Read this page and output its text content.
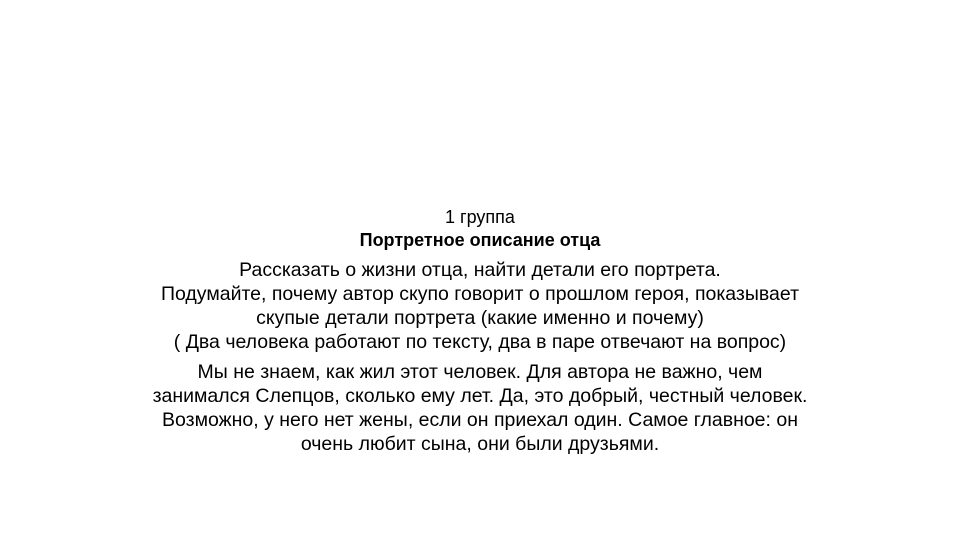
1 группа

Портретное описание отца

Рассказать о жизни отца, найти детали его портрета.
Подумайте, почему автор скупо говорит о прошлом героя, показывает
скупые детали портрета (какие именно и почему)
( Два человека работают по тексту, два в паре отвечают на вопрос)

Мы не знаем, как жил этот человек. Для автора не важно, чем
занимался Слепцов, сколько ему лет. Да, это добрый, честный человек.
Возможно, у него нет жены, если он приехал один. Самое главное: он
очень любит сына, они были друзьями.
